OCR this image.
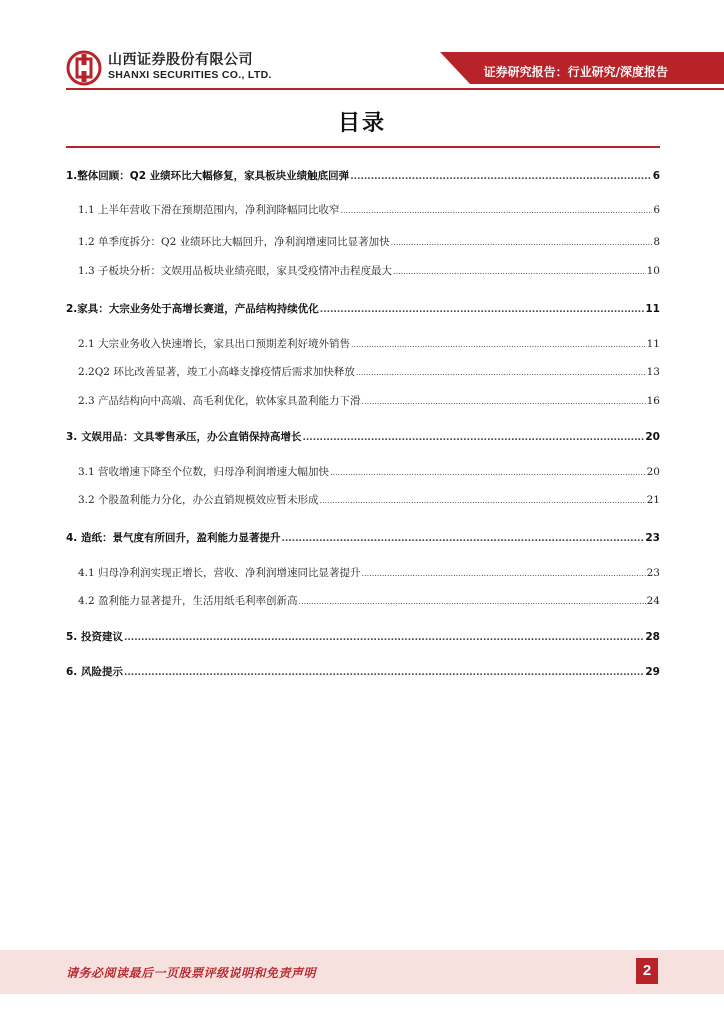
证券研究报告：行业研究/深度报告
山西证券股份有限公司
SHANXI SECURITIES CO., LTD.
目录
1.整体回顾：Q2 业绩环比大幅修复，家具板块业绩触底回弹 .....	6
1.1 上半年营收下滑在预期范围内，净利润降幅同比收窄 .....	6
1.2 单季度拆分：Q2 业绩环比大幅回升，净利润增速同比显著加快 .....	8
1.3 子板块分析：文娱用品板块业绩亮眼，家具受疫情冲击程度最大 .....	10
2.家具：大宗业务处于高增长赛道，产品结构持续优化 .....	11
2.1 大宗业务收入快速增长，家具出口预期差利好境外销售 .....	11
2.2Q2 环比改善显著，竣工小高峰支撑疫情后需求加快释放 .....	13
2.3 产品结构向中高端、高毛利优化，软体家具盈利能力下滑 .....	16
3. 文娱用品：文具零售承压，办公直销保持高增长 .....	20
3.1 营收增速下降至个位数，归母净利润增速大幅加快 .....	20
3.2 个股盈利能力分化，办公直销规模效应暂未形成 .....	21
4. 造纸：景气度有所回升，盈利能力显著提升 .....	23
4.1 归母净利润实现正增长，营收、净利润增速同比显著提升 .....	23
4.2 盈利能力显著提升，生活用纸毛利率创新高 .....	24
5. 投资建议 .....	28
6. 风险提示 .....	29
请务必阅读最后一页股票评级说明和免责声明	2
